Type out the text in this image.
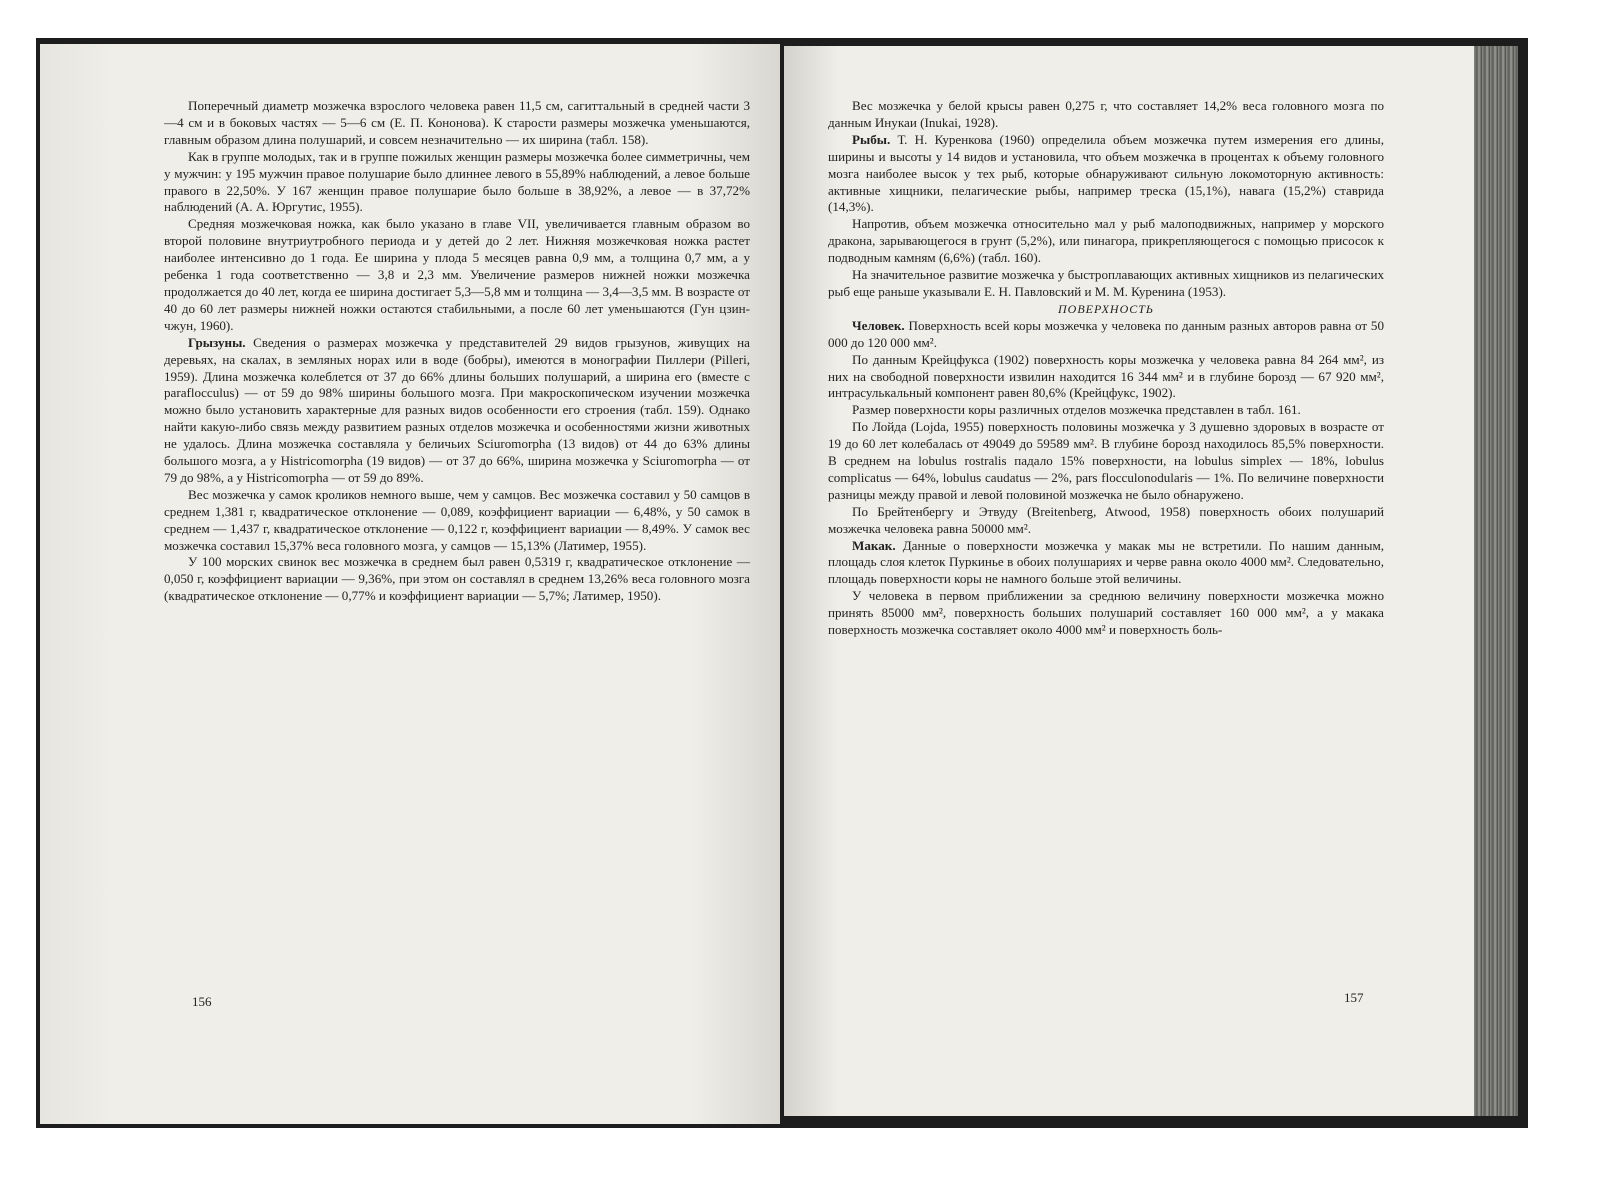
Поперечный диаметр мозжечка взрослого человека равен 11,5 см, сагиттальный в средней части 3—4 см и в боковых частях — 5—6 см (Е. П. Кононова). К старости размеры мозжечка уменьшаются, главным образом длина полушарий, и совсем незначительно — их ширина (табл. 158).

Как в группе молодых, так и в группе пожилых женщин размеры мозжечка более симметричны, чем у мужчин: у 195 мужчин правое полушарие было длиннее левого в 55,89% наблюдений, а левое больше правого в 22,50%. У 167 женщин правое полушарие было больше в 38,92%, а левое — в 37,72% наблюдений (А. А. Юргутис, 1955).

Средняя мозжечковая ножка, как было указано в главе VII, увеличивается главным образом во второй половине внутриутробного периода и у детей до 2 лет. Нижняя мозжечковая ножка растет наиболее интенсивно до 1 года. Ее ширина у плода 5 месяцев равна 0,9 мм, а толщина 0,7 мм, а у ребенка 1 года соответственно — 3,8 и 2,3 мм. Увеличение размеров нижней ножки мозжечка продолжается до 40 лет, когда ее ширина достигает 5,3—5,8 мм и толщина — 3,4—3,5 мм. В возрасте от 40 до 60 лет размеры нижней ножки остаются стабильными, а после 60 лет уменьшаются (Гун цзин-чжун, 1960).

Грызуны. Сведения о размерах мозжечка у представителей 29 видов грызунов, живущих на деревьях, на скалах, в земляных норах или в воде (бобры), имеются в монографии Пиллери (Pilleri, 1959). Длина мозжечка колеблется от 37 до 66% длины больших полушарий, а ширина его (вместе с paraflocculus) — от 59 до 98% ширины большого мозга. При макроскопическом изучении мозжечка можно было установить характерные для разных видов особенности его строения (табл. 159). Однако найти какую-либо связь между развитием разных отделов мозжечка и особенностями жизни животных не удалось. Длина мозжечка составляла у беличьих Sciuromorpha (13 видов) от 44 до 63% длины большого мозга, а у Histricomorpha (19 видов) — от 37 до 66%, ширина мозжечка у Sciuromorpha — от 79 до 98%, а у Histricomorpha — от 59 до 89%.

Вес мозжечка у самок кроликов немного выше, чем у самцов. Вес мозжечка составил у 50 самцов в среднем 1,381 г, квадратическое отклонение — 0,089, коэффициент вариации — 6,48%, у 50 самок в среднем — 1,437 г, квадратическое отклонение — 0,122 г, коэффициент вариации — 8,49%. У самок вес мозжечка составил 15,37% веса головного мозга, у самцов — 15,13% (Латимер, 1955).

У 100 морских свинок вес мозжечка в среднем был равен 0,5319 г, квадратическое отклонение — 0,050 г, коэффициент вариации — 9,36%, при этом он составлял в среднем 13,26% веса головного мозга (квадратическое отклонение — 0,77% и коэффициент вариации — 5,7%; Латимер, 1950).

156

Вес мозжечка у белой крысы равен 0,275 г, что составляет 14,2% веса головного мозга по данным Инукаи (Inukai, 1928).

Рыбы. Т. Н. Куренкова (1960) определила объем мозжечка путем измерения его длины, ширины и высоты у 14 видов и установила, что объем мозжечка в процентах к объему головного мозга наиболее высок у тех рыб, которые обнаруживают сильную локомоторную активность: активные хищники, пелагические рыбы, например треска (15,1%), навага (15,2%) ставрида (14,3%).

Напротив, объем мозжечка относительно мал у рыб малоподвижных, например у морского дракона, зарывающегося в грунт (5,2%), или пинагора, прикрепляющегося с помощью присосок к подводным камням (6,6%) (табл. 160).

На значительное развитие мозжечка у быстроплавающих активных хищников из пелагических рыб еще раньше указывали Е. Н. Павловский и М. М. Куренина (1953).

ПОВЕРХНОСТЬ

Человек. Поверхность всей коры мозжечка у человека по данным разных авторов равна от 50 000 до 120 000 мм².

По данным Крейцфукса (1902) поверхность коры мозжечка у человека равна 84 264 мм², из них на свободной поверхности извилин находится 16 344 мм² и в глубине борозд — 67 920 мм², интрасулькальный компонент равен 80,6% (Крейцфукс, 1902).

Размер поверхности коры различных отделов мозжечка представлен в табл. 161.

По Лойда (Lojda, 1955) поверхность половины мозжечка у 3 душевно здоровых в возрасте от 19 до 60 лет колебалась от 49049 до 59589 мм². В глубине борозд находилось 85,5% поверхности. В среднем на lobulus rostralis падало 15% поверхности, на lobulus simplex — 18%, lobulus complicatus — 64%, lobulus caudatus — 2%, pars flocculonodularis — 1%. По величине поверхности разницы между правой и левой половиной мозжечка не было обнаружено.

По Брейтенбергу и Этвуду (Breitenberg, Atwood, 1958) поверхность обоих полушарий мозжечка человека равна 50000 мм².

Макак. Данные о поверхности мозжечка у макак мы не встретили. По нашим данным, площадь слоя клеток Пуркинье в обоих полушариях и черве равна около 4000 мм². Следовательно, площадь поверхности коры не намного больше этой величины.

У человека в первом приближении за среднюю величину поверхности мозжечка можно принять 85000 мм², поверхность больших полушарий составляет 160 000 мм², а у макака поверхность мозжечка составляет около 4000 мм² и поверхность боль-

157
